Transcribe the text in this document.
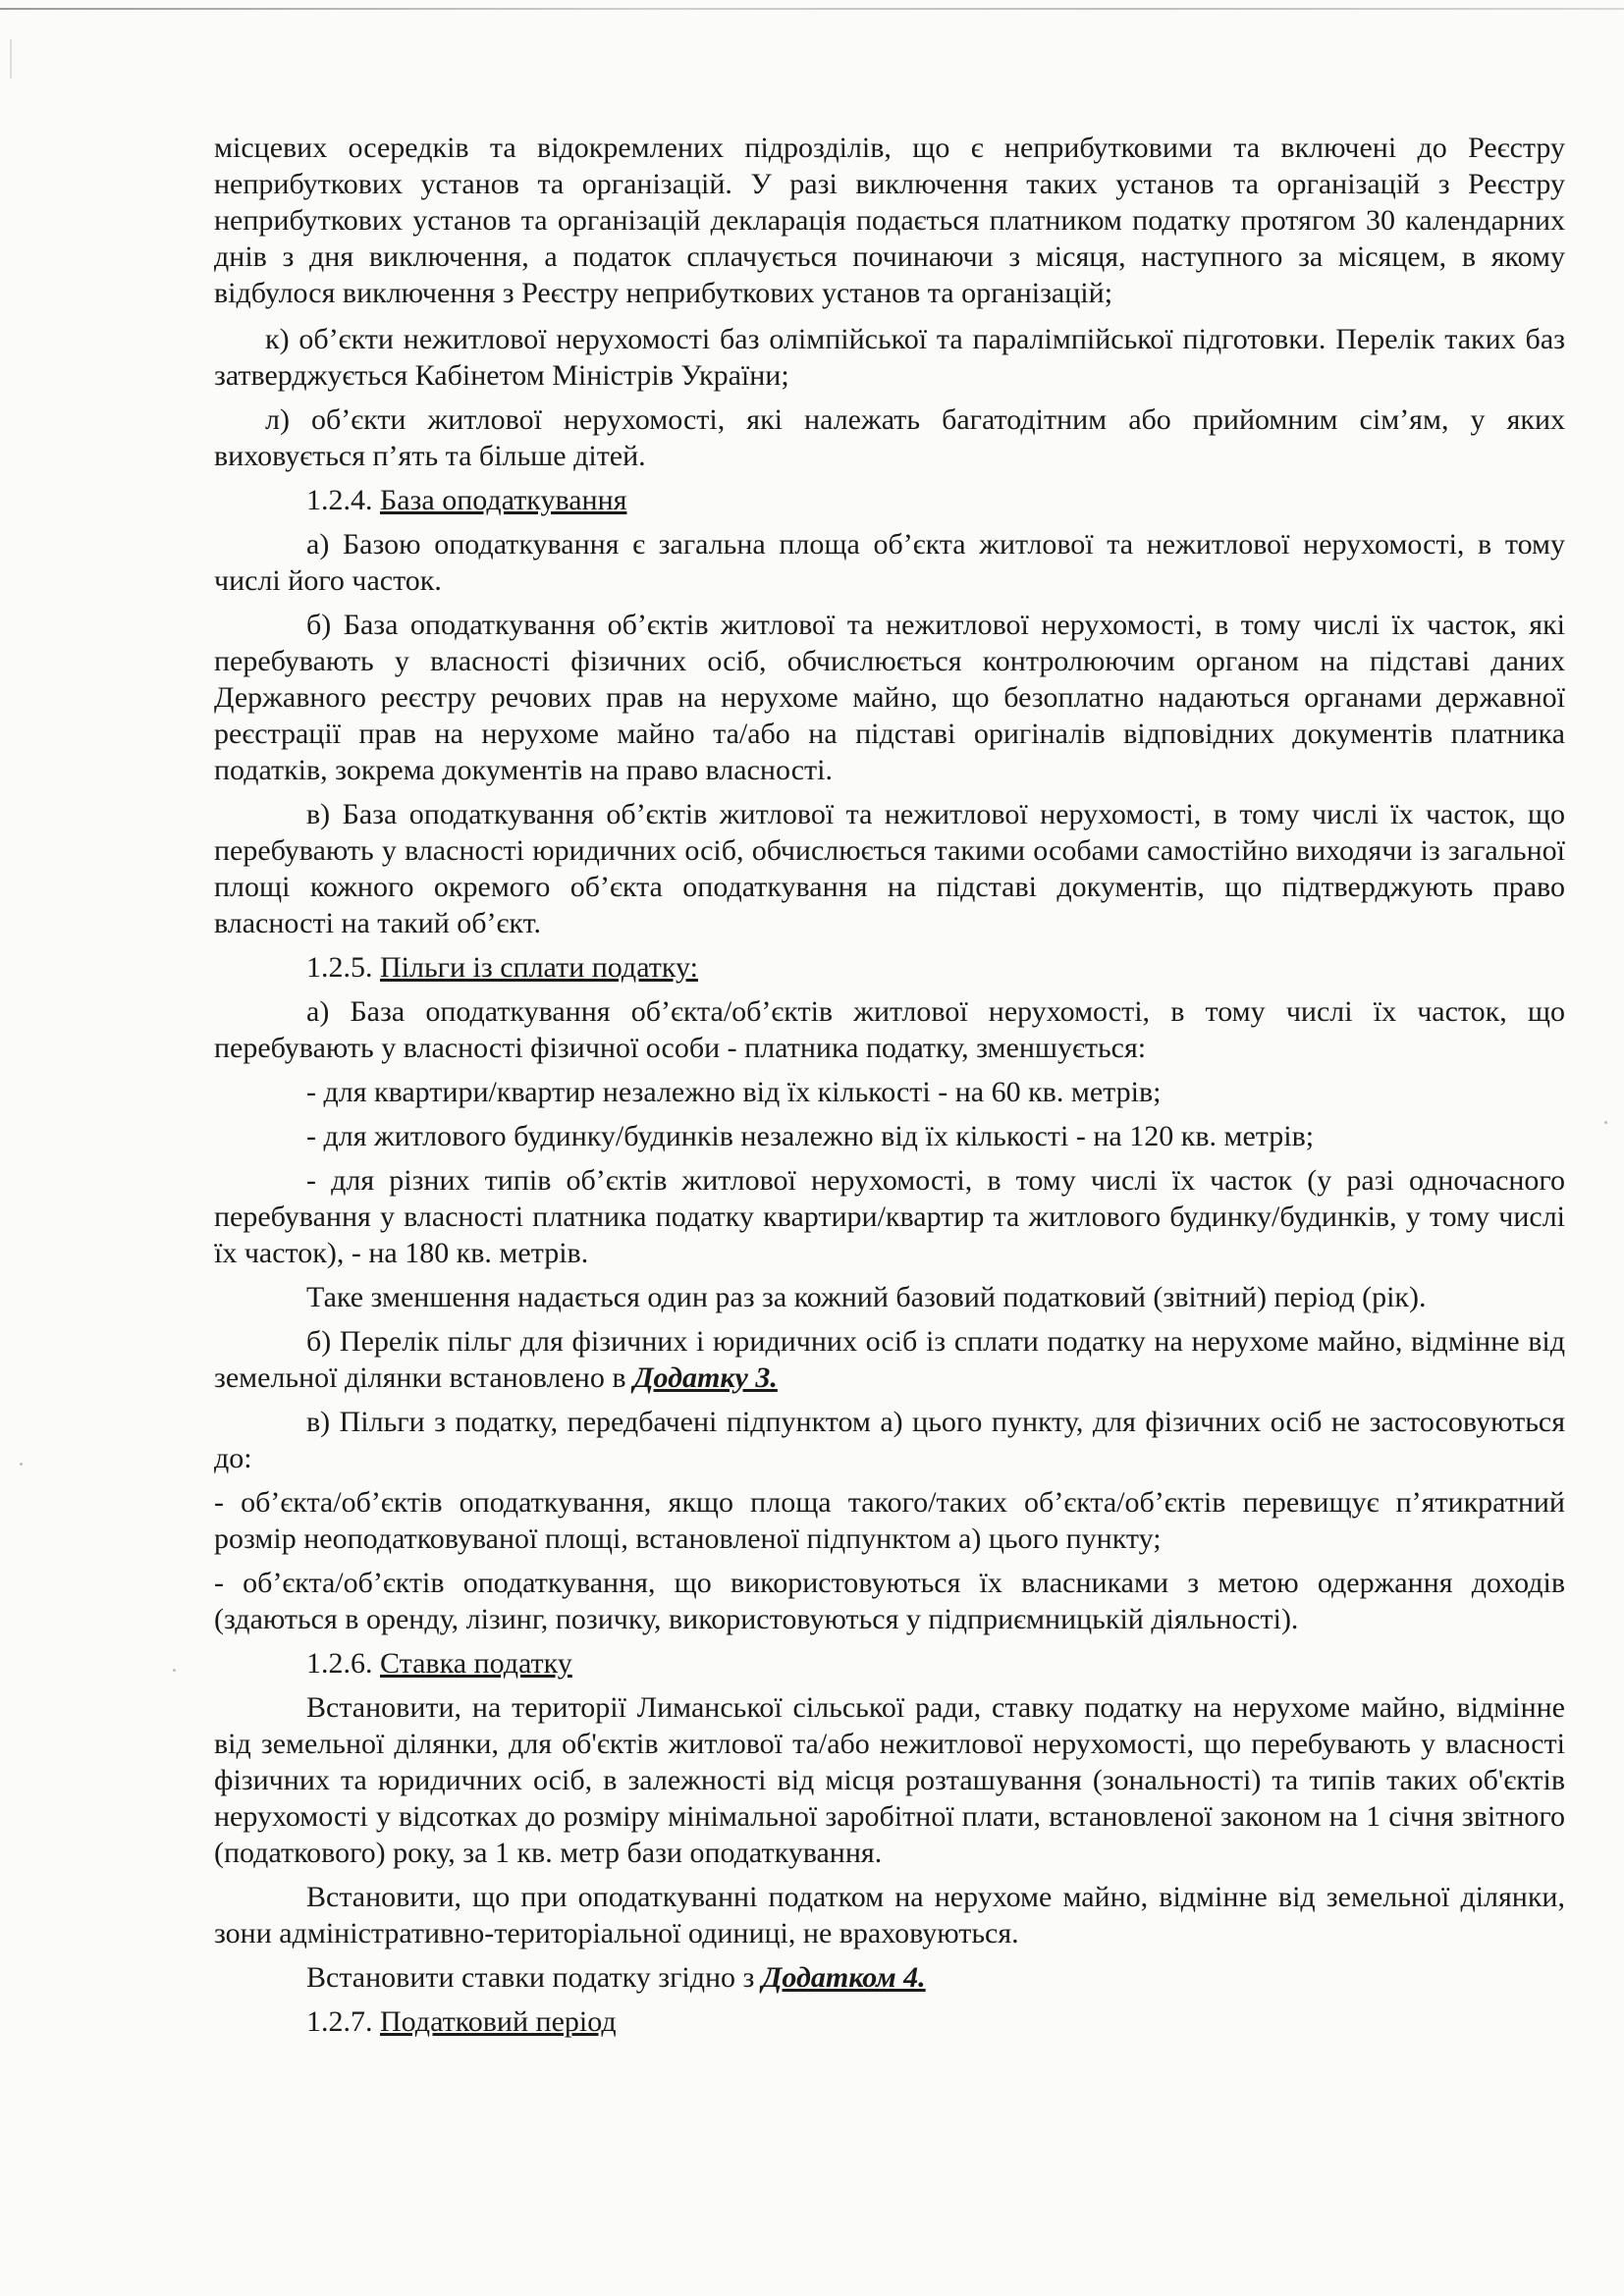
місцевих осередків та відокремлених підрозділів, що є неприбутковими та включені до Реєстру неприбуткових установ та організацій. У разі виключення таких установ та організацій з Реєстру неприбуткових установ та організацій декларація подається платником податку протягом 30 календарних днів з дня виключення, а податок сплачується починаючи з місяця, наступного за місяцем, в якому відбулося виключення з Реєстру неприбуткових установ та організацій;

к) об’єкти нежитлової нерухомості баз олімпійської та паралімпійської підготовки. Перелік таких баз затверджується Кабінетом Міністрів України;

л) об’єкти житлової нерухомості, які належать багатодітним або прийомним сім’ям, у яких виховується п’ять та більше дітей.

1.2.4. База оподаткування

а) Базою оподаткування є загальна площа об’єкта житлової та нежитлової нерухомості, в тому числі його часток.

б) База оподаткування об’єктів житлової та нежитлової нерухомості, в тому числі їх часток, які перебувають у власності фізичних осіб, обчислюється контролюючим органом на підставі даних Державного реєстру речових прав на нерухоме майно, що безоплатно надаються органами державної реєстрації прав на нерухоме майно та/або на підставі оригіналів відповідних документів платника податків, зокрема документів на право власності.

в) База оподаткування об’єктів житлової та нежитлової нерухомості, в тому числі їх часток, що перебувають у власності юридичних осіб, обчислюється такими особами самостійно виходячи із загальної площі кожного окремого об’єкта оподаткування на підставі документів, що підтверджують право власності на такий об’єкт.

1.2.5. Пільги із сплати податку:

а) База оподаткування об’єкта/об’єктів житлової нерухомості, в тому числі їх часток, що перебувають у власності фізичної особи - платника податку, зменшується:

- для квартири/квартир незалежно від їх кількості - на 60 кв. метрів;

- для житлового будинку/будинків незалежно від їх кількості - на 120 кв. метрів;

- для різних типів об’єктів житлової нерухомості, в тому числі їх часток (у разі одночасного перебування у власності платника податку квартири/квартир та житлового будинку/будинків, у тому числі їх часток), - на 180 кв. метрів.

Таке зменшення надається один раз за кожний базовий податковий (звітний) період (рік).

б) Перелік пільг для фізичних і юридичних осіб із сплати податку на нерухоме майно, відмінне від земельної ділянки встановлено в Додатку 3.

в) Пільги з податку, передбачені підпунктом а) цього пункту, для фізичних осіб не застосовуються до:

- об’єкта/об’єктів оподаткування, якщо площа такого/таких об’єкта/об’єктів перевищує п’ятикратний розмір неоподатковуваної площі, встановленої підпунктом а) цього пункту;

- об’єкта/об’єктів оподаткування, що використовуються їх власниками з метою одержання доходів (здаються в оренду, лізинг, позичку, використовуються у підприємницькій діяльності).

1.2.6. Ставка податку

Встановити, на території Лиманської сільської ради, ставку податку на нерухоме майно, відмінне від земельної ділянки, для об'єктів житлової та/або нежитлової нерухомості, що перебувають у власності фізичних та юридичних осіб, в залежності від місця розташування (зональності) та типів таких об'єктів нерухомості у відсотках до розміру мінімальної заробітної плати, встановленої законом на 1 січня звітного (податкового) року, за 1 кв. метр бази оподаткування.

Встановити, що при оподаткуванні податком на нерухоме майно, відмінне від земельної ділянки, зони адміністративно-територіальної одиниці, не враховуються.

Встановити ставки податку згідно з Додатком 4.

1.2.7. Податковий період
